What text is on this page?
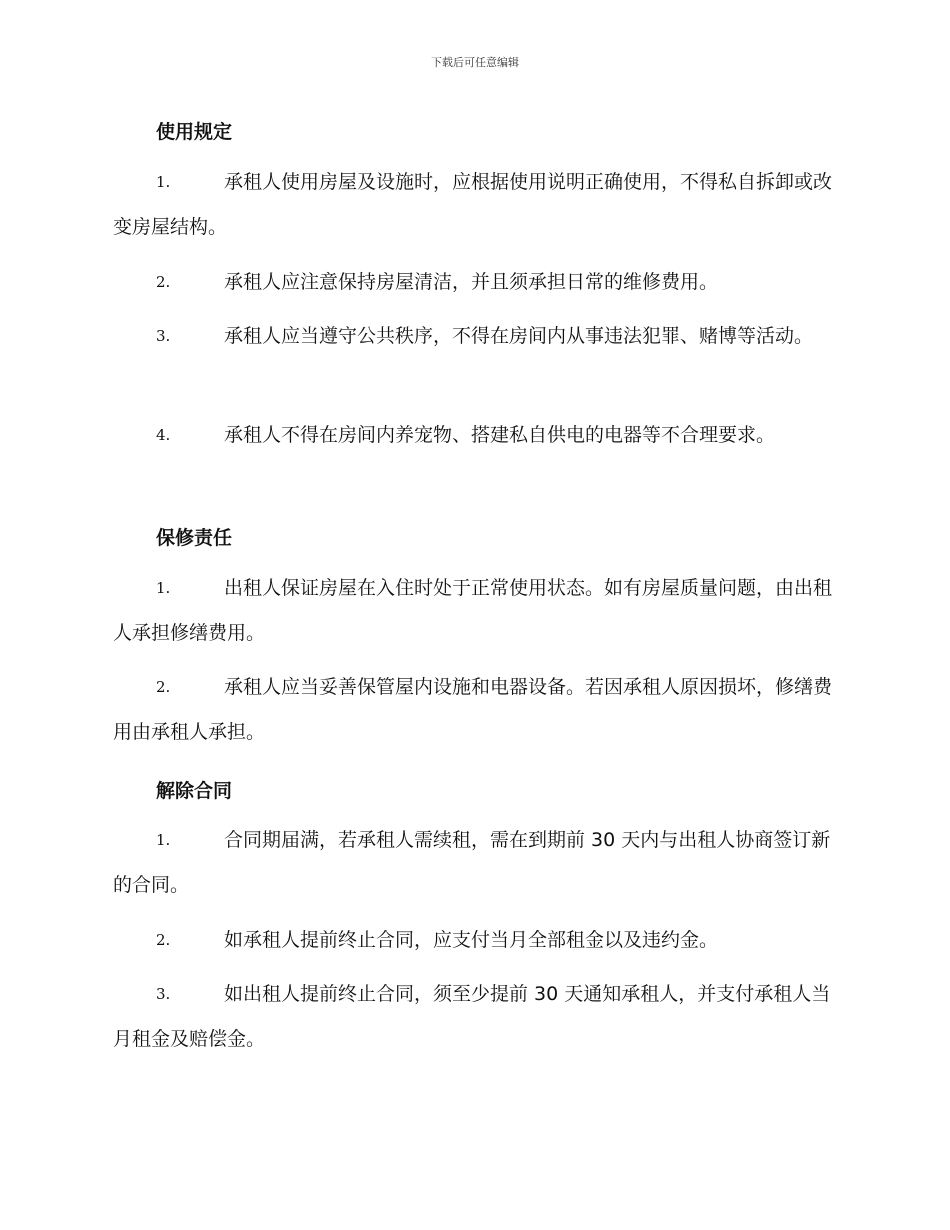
下载后可任意编辑
使用规定
1.	承租人使用房屋及设施时，应根据使用说明正确使用，不得私自拆卸或改变房屋结构。
2.	承租人应注意保持房屋清洁，并且须承担日常的维修费用。
3.	承租人应当遵守公共秩序，不得在房间内从事违法犯罪、赌博等活动。
4.	承租人不得在房间内养宠物、搭建私自供电的电器等不合理要求。
保修责任
1.	出租人保证房屋在入住时处于正常使用状态。如有房屋质量问题，由出租人承担修缮费用。
2.	承租人应当妥善保管屋内设施和电器设备。若因承租人原因损坏，修缮费用由承租人承担。
解除合同
1.	合同期届满，若承租人需续租，需在到期前 30 天内与出租人协商签订新的合同。
2.	如承租人提前终止合同，应支付当月全部租金以及违约金。
3.	如出租人提前终止合同，须至少提前 30 天通知承租人，并支付承租人当月租金及赔偿金。
